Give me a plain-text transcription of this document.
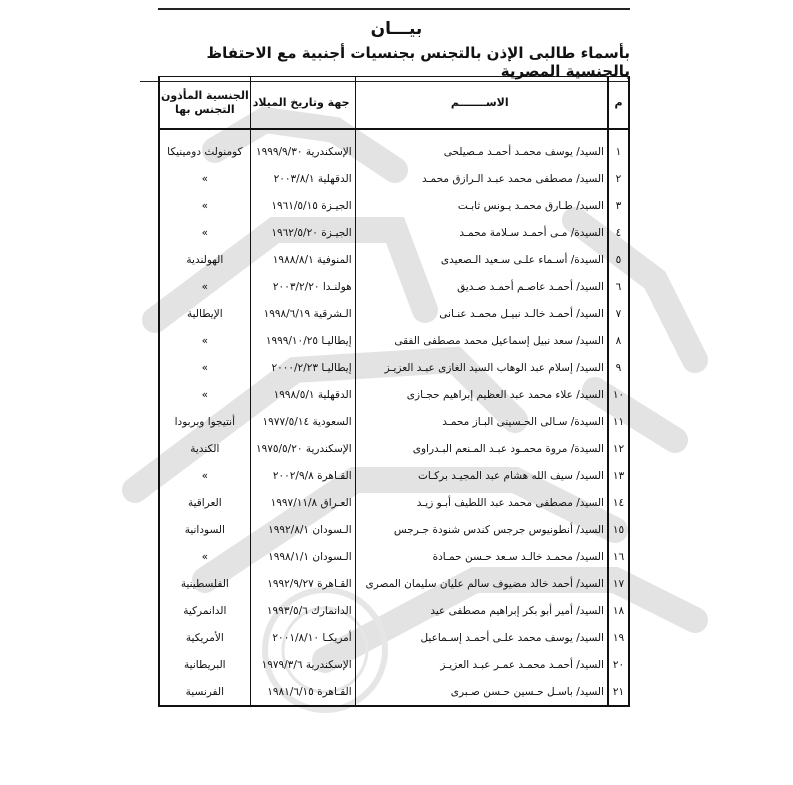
بيـــان
بأسماء طالبى الإذن بالتجنس بجنسيات أجنبية مع الاحتفاظ بالجنسية المصرية
م	الاســـــــم	جهة وتاريخ الميلاد	الجنسية المأذون
التجنس بها

١	السيد/ يوسف محمـد أحمـد مـصيلحى	الإسكندرية ١٩٩٩/٩/٣٠	كومنولث دومينيكا
٢	السيد/ مصطفى محمد عبـد الـرازق محمـد	الدقهلية ٢٠٠٣/٨/١	»
٣	السيد/ طـارق محمـد يـونس ثابـت	الجيـزة ١٩٦١/٥/١٥	»
٤	السيدة/ مـى أحمـد سـلامة محمـد	الجيـزة ١٩٦٢/٥/٢٠	»
٥	السيدة/ أسـماء علـى سـعيد الـصعيدى	المنوفية ١٩٨٨/٨/١	الهولندية
٦	السيد/ أحمـد عاصـم أحمـد صـديق	هولنـدا ٢٠٠٣/٢/٢٠	»
٧	السيد/ أحمـد خالـد نبيـل محمـد عنـانى	الـشرقية ١٩٩٨/٦/١٩	الإيطالية
٨	السيد/ سعد نبيل إسماعيل محمد مصطفى الفقى	إيطاليـا ١٩٩٩/١٠/٢٥	»
٩	السيد/ إسلام عبد الوهاب السيد الغازى عبـد العزيـز	إيطاليـا ٢٠٠٠/٢/٢٣	»
١٠	السيد/ علاء محمد عبد العظيم إبراهيم حجـازى	الدقهلية ١٩٩٨/٥/١	»
١١	السيدة/ سـالى الحـسينى البـاز محمـد	السعودية ١٩٧٧/٥/١٤	أنتيجوا وبربودا
١٢	السيدة/ مروة محمـود عبـد المـنعم البـدراوى	الإسكندرية ١٩٧٥/٥/٢٠	الكندية
١٣	السيد/ سيف الله هشام عبد المجيـد بركـات	القـاهرة ٢٠٠٢/٩/٨	»
١٤	السيد/ مصطفى محمد عبد اللطيف أبـو زيـد	العـراق ١٩٩٧/١١/٨	العراقية
١٥	السيد/ أنطونيوس جرجس كندس شنودة جـرجس	الـسودان ١٩٩٢/٨/١	السودانية
١٦	السيد/ محمـد خالـد سـعد حـسن حمـادة	الـسودان ١٩٩٨/١/١	»
١٧	السيد/ أحمد خالد مضيوف سالم عليان سليمان المصرى	القـاهرة ١٩٩٢/٩/٢٧	الفلسطينية
١٨	السيد/ أمير أبو بكر إبراهيم مصطفى عيد	الدانمارك ١٩٩٣/٥/٦	الدانمركية
١٩	السيد/ يوسف محمد علـى أحمـد إسـماعيل	أمريكـا ٢٠٠١/٨/١٠	الأمريكية
٢٠	السيد/ أحمـد محمـد عمـر عبـد العزيـز	الإسكندرية ١٩٧٩/٣/٦	البريطانية
٢١	السيد/ باسـل حـسين حـسن صـبرى	القـاهرة ١٩٨١/٦/١٥	الفرنسية
